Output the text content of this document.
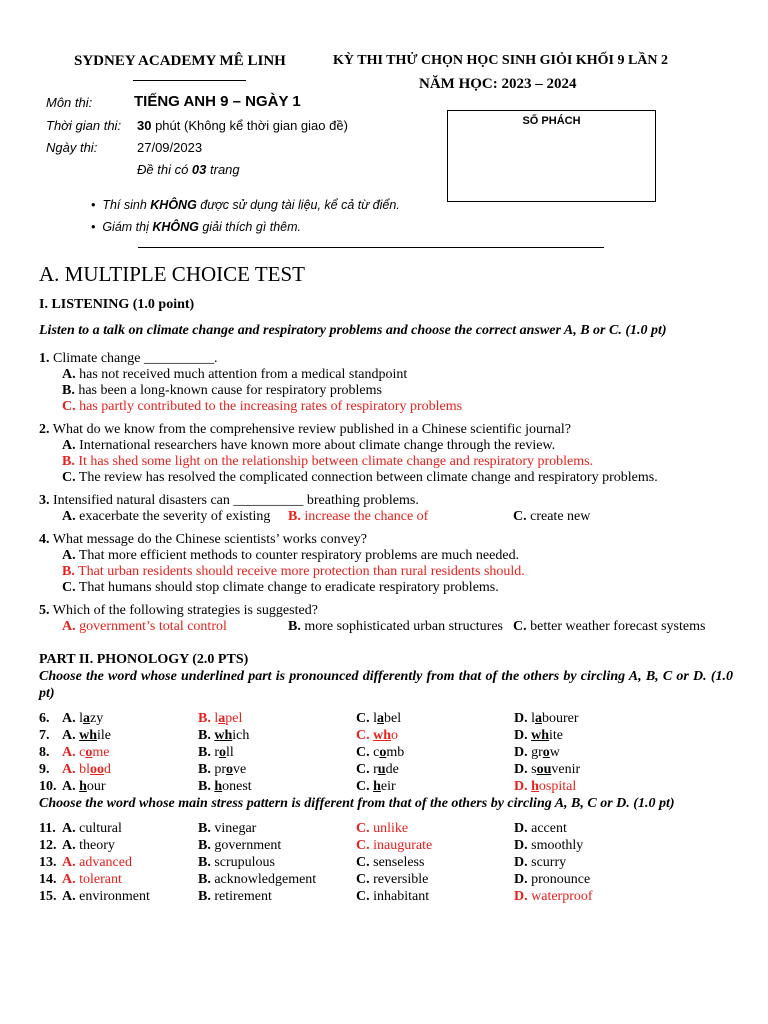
SYDNEY ACADEMY MÊ LINH	KỲ THI THỬ CHỌN HỌC SINH GIỎI KHỐI 9 LẦN 2
NĂM HỌC: 2023 – 2024
Môn thi:	TIẾNG ANH 9 – NGÀY 1
Thời gian thi: 30 phút (Không kể thời gian giao đề)
Ngày thi:	27/09/2023
Đề thi có 03 trang
SỐ PHÁCH
•  Thí sinh KHÔNG được sử dụng tài liệu, kể cả từ điển.
•  Giám thị KHÔNG giải thích gì thêm.
A. MULTIPLE CHOICE TEST
I. LISTENING (1.0 point)
Listen to a talk on climate change and respiratory problems and choose the correct answer A, B or C. (1.0 pt)
1. Climate change __________.
A. has not received much attention from a medical standpoint
B. has been a long-known cause for respiratory problems
C. has partly contributed to the increasing rates of respiratory problems
2. What do we know from the comprehensive review published in a Chinese scientific journal?
A. International researchers have known more about climate change through the review.
B. It has shed some light on the relationship between climate change and respiratory problems.
C. The review has resolved the complicated connection between climate change and respiratory problems.
3. Intensified natural disasters can __________ breathing problems.
A. exacerbate the severity of existing B. increase the chance of	C. create new
4. What message do the Chinese scientists’ works convey?
A. That more efficient methods to counter respiratory problems are much needed.
B. That urban residents should receive more protection than rural residents should.
C. That humans should stop climate change to eradicate respiratory problems.
5. Which of the following strategies is suggested?
A. government’s total control	B. more sophisticated urban structures C. better weather forecast systems
PART II. PHONOLOGY (2.0 PTS)
Choose the word whose underlined part is pronounced differently from that of the others by circling A, B, C or D. (1.0 pt)
6. A. lazy	B. lapel	C. label	D. labourer
7. A. while	B. which	C. who	D. white
8. A. come	B. roll	C. comb	D. grow
9. A. blood	B. prove	C. rude	D. souvenir
10. A. hour	B. honest	C. heir	D. hospital
Choose the word whose main stress pattern is different from that of the others by circling A, B, C or D. (1.0 pt)
11. A. cultural	B. vinegar	C. unlike	D. accent
12. A. theory	B. government	C. inaugurate	D. smoothly
13. A. advanced	B. scrupulous	C. senseless	D. scurry
14. A. tolerant	B. acknowledgement	C. reversible	D. pronounce
15. A. environment	B. retirement	C. inhabitant	D. waterproof
